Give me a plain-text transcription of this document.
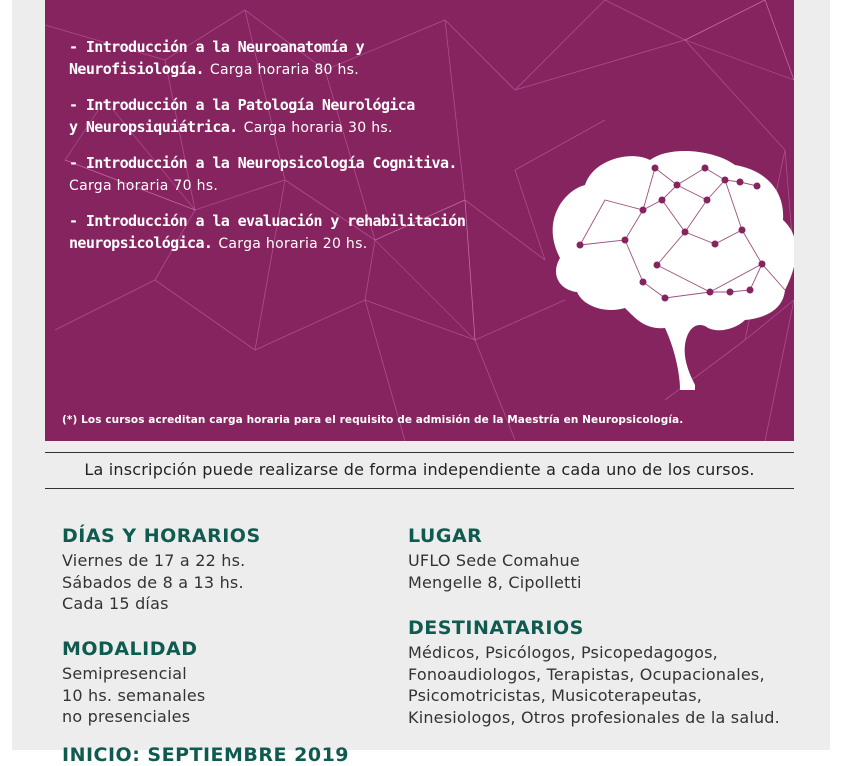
- Introducción a la Neuroanatomía y
Neurofisiología. Carga horaria 80 hs.
- Introducción a la Patología Neurológica
y Neuropsiquiátrica. Carga horaria 30 hs.
- Introducción a la Neuropsicología Cognitiva.
Carga horaria 70 hs.
- Introducción a la evaluación y rehabilitación
neuropsicológica. Carga horaria 20 hs.
(*) Los cursos acreditan carga horaria para el requisito de admisión de la Maestría en Neuropsicología.
La inscripción puede realizarse de forma independiente a cada uno de los cursos.
DÍAS Y HORARIOS
Viernes de 17 a 22 hs.
Sábados de 8 a 13 hs.
Cada 15 días
MODALIDAD
Semipresencial
10 hs. semanales
no presenciales
LUGAR
UFLO Sede Comahue
Mengelle 8, Cipolletti
DESTINATARIOS
Médicos, Psicólogos, Psicopedagogos,
Fonoaudiologos, Terapistas, Ocupacionales,
Psicomotricistas, Musicoterapeutas,
Kinesiologos, Otros profesionales de la salud.
INICIO: SEPTIEMBRE 2019
